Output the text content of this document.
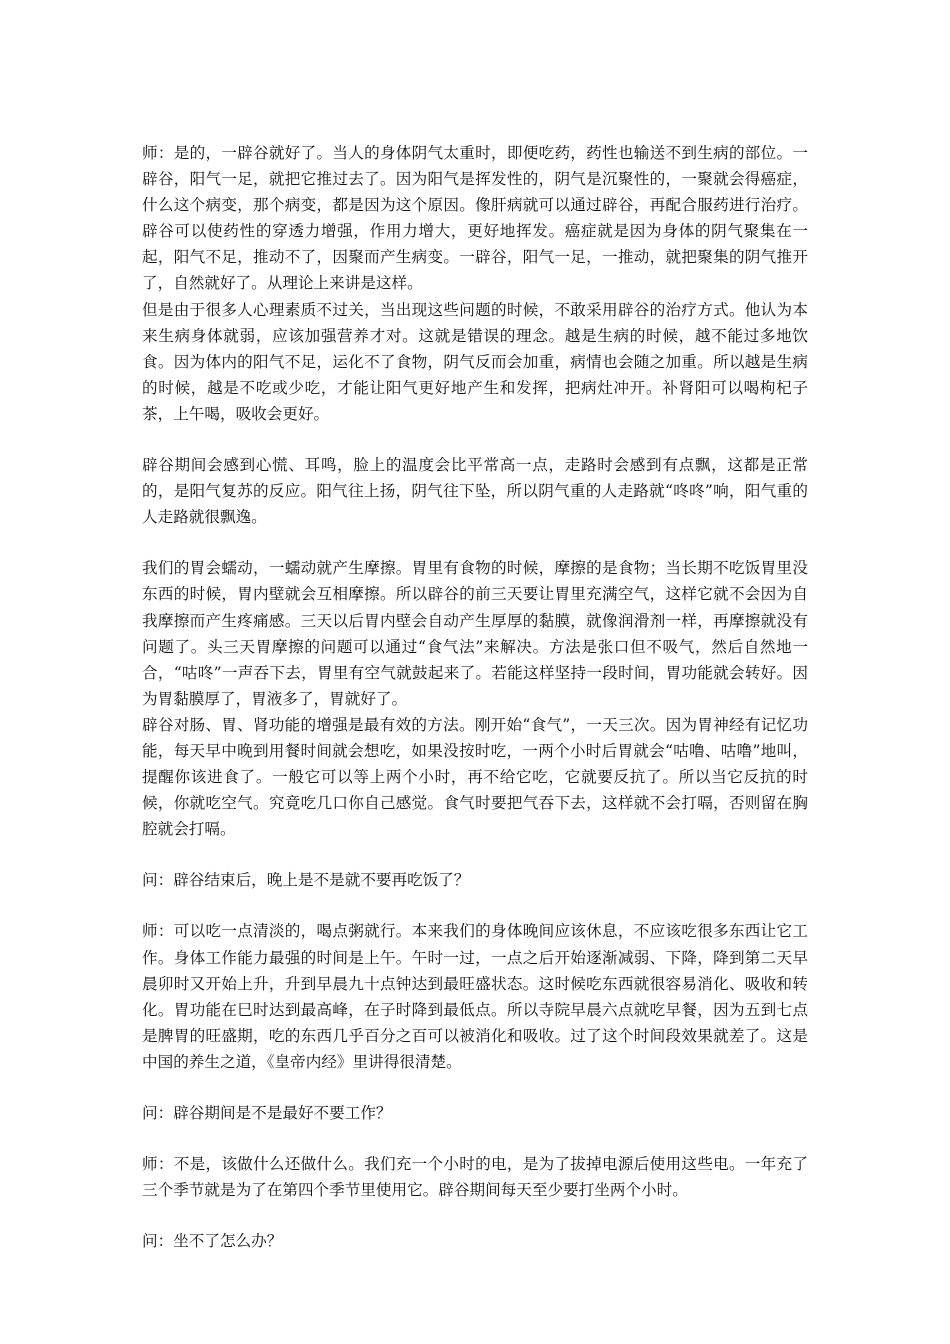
师：是的，一辟谷就好了。当人的身体阴气太重时，即便吃药，药性也输送不到生病的部位。一辟谷，阳气一足，就把它推过去了。因为阳气是挥发性的，阴气是沉聚性的，一聚就会得癌症，什么这个病变，那个病变，都是因为这个原因。像肝病就可以通过辟谷，再配合服药进行治疗。辟谷可以使药性的穿透力增强，作用力增大，更好地挥发。癌症就是因为身体的阴气聚集在一起，阳气不足，推动不了，因聚而产生病变。一辟谷，阳气一足，一推动，就把聚集的阴气推开了，自然就好了。从理论上来讲是这样。

但是由于很多人心理素质不过关，当出现这些问题的时候，不敢采用辟谷的治疗方式。他认为本来生病身体就弱，应该加强营养才对。这就是错误的理念。越是生病的时候，越不能过多地饮食。因为体内的阳气不足，运化不了食物，阴气反而会加重，病情也会随之加重。所以越是生病的时候，越是不吃或少吃，才能让阳气更好地产生和发挥，把病灶冲开。补肾阳可以喝枸杞子茶，上午喝，吸收会更好。

辟谷期间会感到心慌、耳鸣，脸上的温度会比平常高一点，走路时会感到有点飘，这都是正常的，是阳气复苏的反应。阳气往上扬，阴气往下坠，所以阴气重的人走路就“咚咚”响，阳气重的人走路就很飘逸。

我们的胃会蠕动，一蠕动就产生摩擦。胃里有食物的时候，摩擦的是食物；当长期不吃饭胃里没东西的时候，胃内壁就会互相摩擦。所以辟谷的前三天要让胃里充满空气，这样它就不会因为自我摩擦而产生疼痛感。三天以后胃内壁会自动产生厚厚的黏膜，就像润滑剂一样，再摩擦就没有问题了。头三天胃摩擦的问题可以通过“食气法”来解决。方法是张口但不吸气，然后自然地一合，“咕咚”一声吞下去，胃里有空气就鼓起来了。若能这样坚持一段时间，胃功能就会转好。因为胃黏膜厚了，胃液多了，胃就好了。

辟谷对肠、胃、肾功能的增强是最有效的方法。刚开始“食气”，一天三次。因为胃神经有记忆功能，每天早中晚到用餐时间就会想吃，如果没按时吃，一两个小时后胃就会“咕噜、咕噜”地叫，提醒你该进食了。一般它可以等上两个小时，再不给它吃，它就要反抗了。所以当它反抗的时候，你就吃空气。究竟吃几口你自己感觉。食气时要把气吞下去，这样就不会打嗝，否则留在胸腔就会打嗝。

问：辟谷结束后，晚上是不是就不要再吃饭了？

师：可以吃一点清淡的，喝点粥就行。本来我们的身体晚间应该休息，不应该吃很多东西让它工作。身体工作能力最强的时间是上午。午时一过，一点之后开始逐渐减弱、下降，降到第二天早晨卯时又开始上升，升到早晨九十点钟达到最旺盛状态。这时候吃东西就很容易消化、吸收和转化。胃功能在巳时达到最高峰，在子时降到最低点。所以寺院早晨六点就吃早餐，因为五到七点是脾胃的旺盛期，吃的东西几乎百分之百可以被消化和吸收。过了这个时间段效果就差了。这是中国的养生之道，《皇帝内经》里讲得很清楚。

问：辟谷期间是不是最好不要工作？

师：不是，该做什么还做什么。我们充一个小时的电，是为了拔掉电源后使用这些电。一年充了三个季节就是为了在第四个季节里使用它。辟谷期间每天至少要打坐两个小时。

问：坐不了怎么办？
